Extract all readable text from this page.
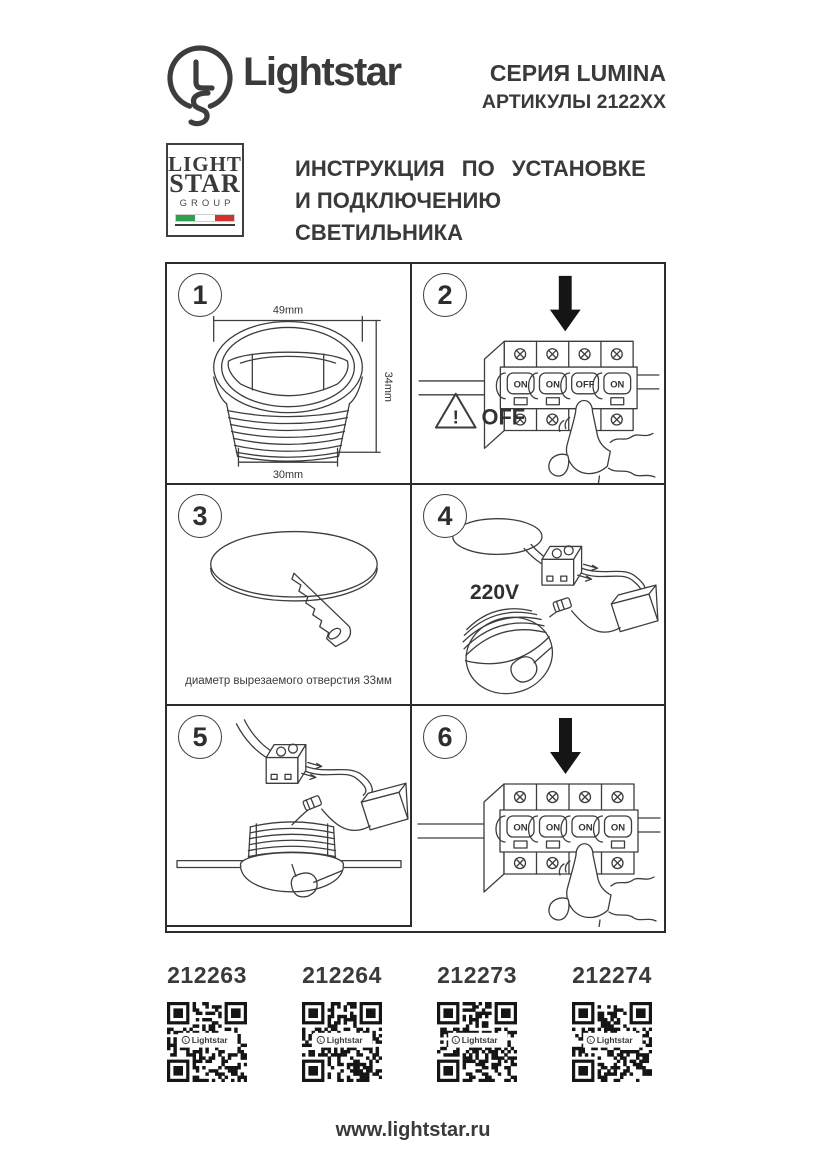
Lightstar	СЕРИЯ LUMINA
АРТИКУЛЫ 2122XX
LIGHT
STAR
GROUP
ИНСТРУКЦИЯ ПО УСТАНОВКЕ
И ПОДКЛЮЧЕНИЮ СВЕТИЛЬНИКА
49mm
34mm
30mm
1
ON ON OFF ON
! OFF
2
3
диаметр вырезаемого отверстия 33мм
4
220V
5
ON ON ON ON
6
212263	212264	212273	212274
www.lightstar.ru
